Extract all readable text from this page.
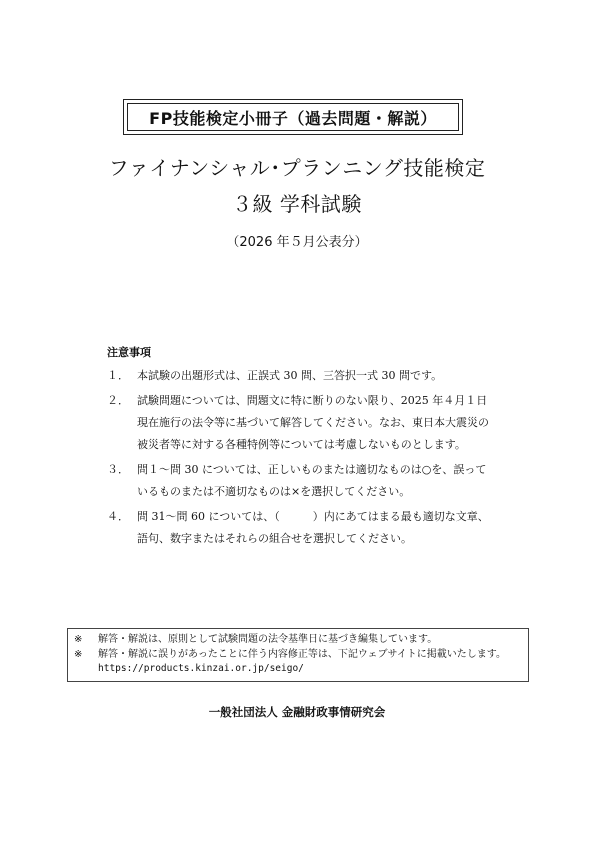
FP技能検定小冊子（過去問題・解説）
ファイナンシャル･プランニング技能検定
３級 学科試験
（2026 年５月公表分）
注意事項
１． 本試験の出題形式は、正誤式 30 問、三答択一式 30 問です。
２． 試験問題については、問題文に特に断りのない限り、2025 年４月１日
現在施行の法令等に基づいて解答してください。なお、東日本大震災の
被災者等に対する各種特例等については考慮しないものとします。
３． 問１～問 30 については、正しいものまたは適切なものは○を、誤って
いるものまたは不適切なものは×を選択してください。
４． 問 31～問 60 については、（　　　）内にあてはまる最も適切な文章、
語句、数字またはそれらの組合せを選択してください。
※	解答・解説は、原則として試験問題の法令基準日に基づき編集しています。
※	解答・解説に誤りがあったことに伴う内容修正等は、下記ウェブサイトに掲載いたします。
https://products.kinzai.or.jp/seigo/
一般社団法人 金融財政事情研究会
